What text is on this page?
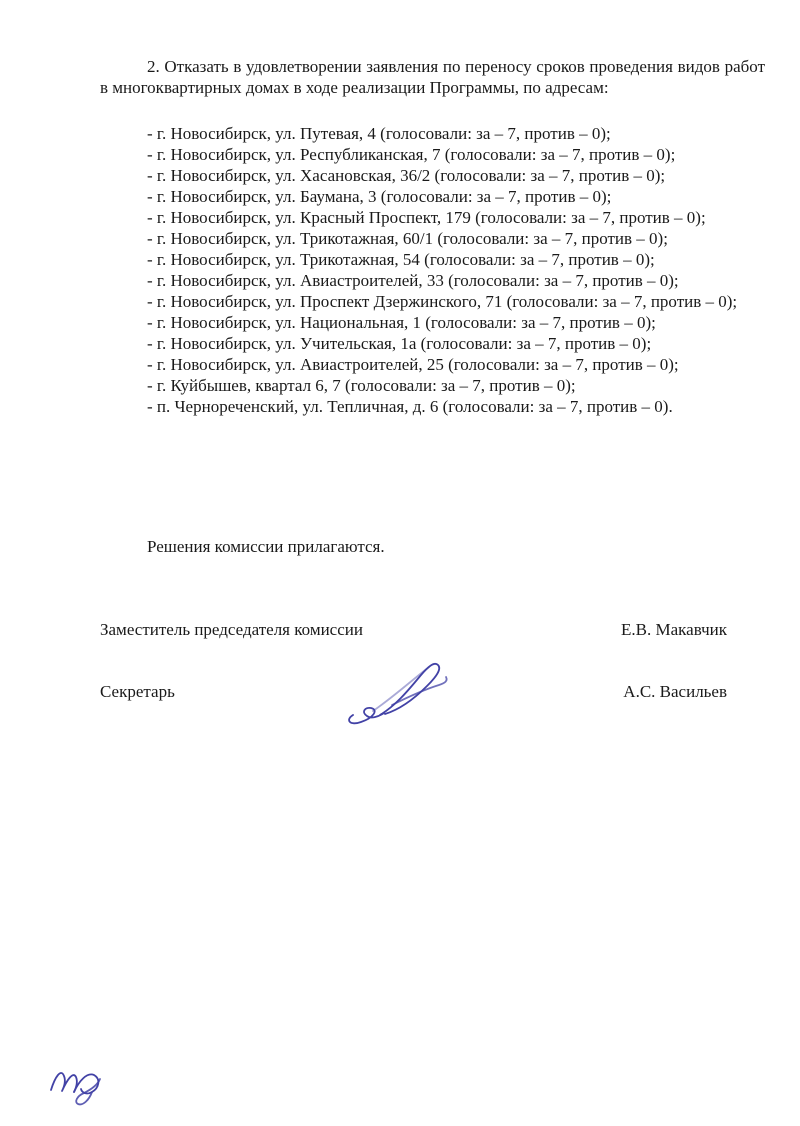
2. Отказать в удовлетворении заявления по переносу сроков проведения видов работ в многоквартирных домах в ходе реализации Программы, по адресам:

- г. Новосибирск, ул. Путевая, 4 (голосовали: за – 7, против – 0);

- г. Новосибирск, ул. Республиканская, 7 (голосовали: за – 7, против – 0);

- г. Новосибирск, ул. Хасановская, 36/2 (голосовали: за – 7, против – 0);

- г. Новосибирск, ул. Баумана, 3 (голосовали: за – 7, против – 0);

- г. Новосибирск, ул. Красный Проспект, 179 (голосовали: за – 7, против – 0);

- г. Новосибирск, ул. Трикотажная, 60/1 (голосовали: за – 7, против – 0);

- г. Новосибирск, ул. Трикотажная, 54 (голосовали: за – 7, против – 0);

- г. Новосибирск, ул. Авиастроителей, 33 (голосовали: за – 7, против – 0);

- г. Новосибирск, ул. Проспект Дзержинского, 71 (голосовали: за – 7, против – 0);

- г. Новосибирск, ул. Национальная, 1 (голосовали: за – 7, против – 0);

- г. Новосибирск, ул. Учительская, 1а (голосовали: за – 7, против – 0);

- г. Новосибирск, ул. Авиастроителей, 25 (голосовали: за – 7, против – 0);

- г. Куйбышев, квартал 6, 7 (голосовали: за – 7, против – 0);

- п. Чернореченский, ул. Тепличная, д. 6 (голосовали: за – 7, против – 0).

Решения комиссии прилагаются.

Заместитель председателя комиссии	Е.В. Макавчик
Секретарь	А.С. Васильев
